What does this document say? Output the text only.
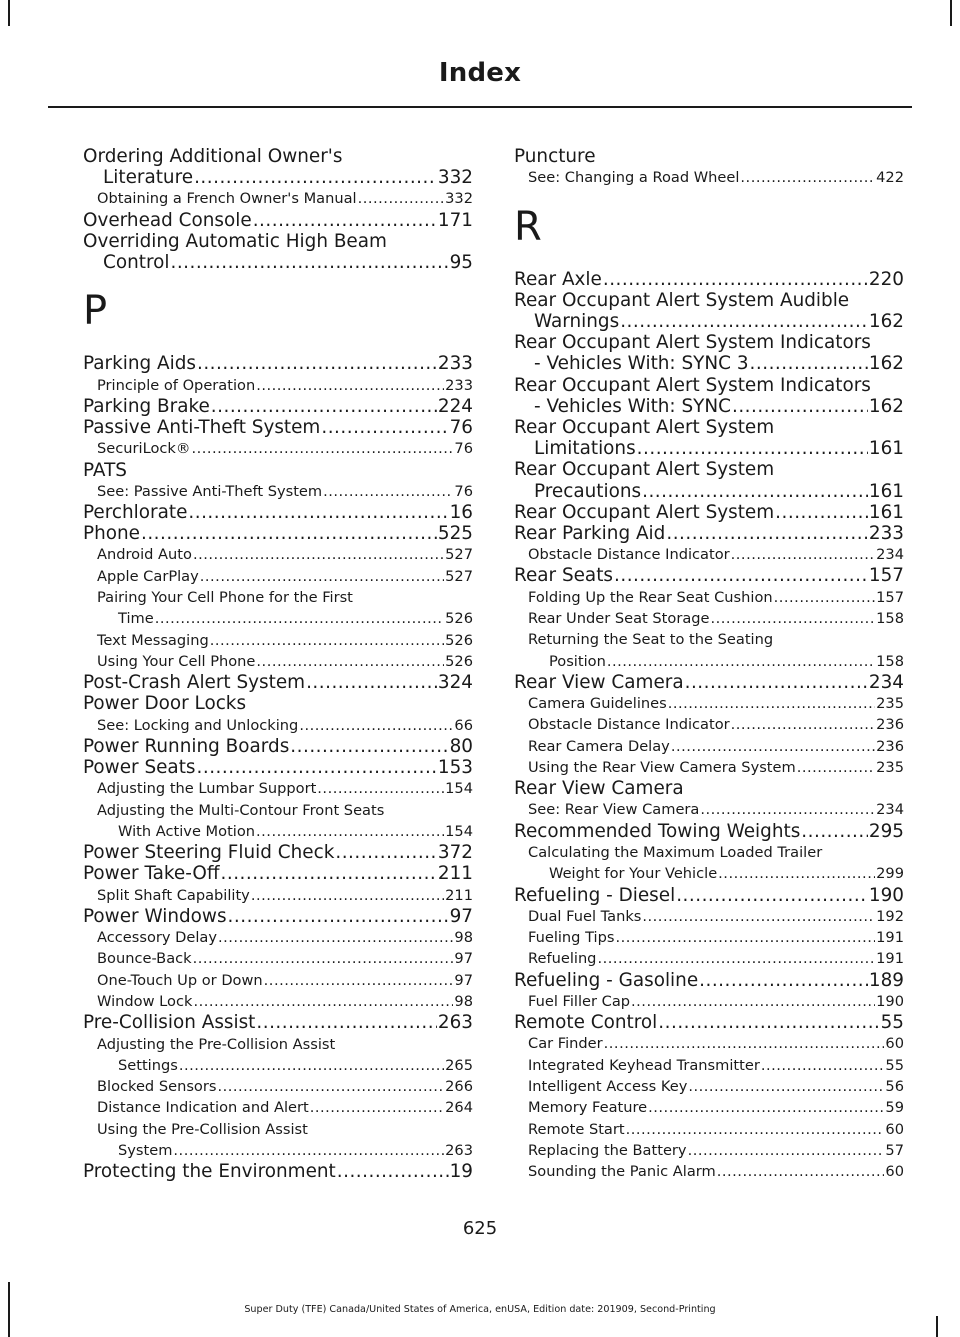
Index
Ordering Additional Owner's
Literature .....	332
Obtaining a French Owner's Manual .....	332
Overhead Console .....	171
Overriding Automatic High Beam
Control .....	95
P
Parking Aids .....	233
Principle of Operation .....	233
Parking Brake .....	224
Passive Anti-Theft System .....	76
SecuriLock® .....	76
PATS
See: Passive Anti-Theft System .....	76
Perchlorate .....	16
Phone .....	525
Android Auto .....	527
Apple CarPlay .....	527
Pairing Your Cell Phone for the First
Time .....	526
Text Messaging .....	526
Using Your Cell Phone .....	526
Post-Crash Alert System .....	324
Power Door Locks
See: Locking and Unlocking .....	66
Power Running Boards .....	80
Power Seats .....	153
Adjusting the Lumbar Support .....	154
Adjusting the Multi-Contour Front Seats
With Active Motion .....	154
Power Steering Fluid Check .....	372
Power Take-Off .....	211
Split Shaft Capability .....	211
Power Windows .....	97
Accessory Delay .....	98
Bounce-Back .....	97
One-Touch Up or Down .....	97
Window Lock .....	98
Pre-Collision Assist .....	263
Adjusting the Pre-Collision Assist
Settings .....	265
Blocked Sensors .....	266
Distance Indication and Alert .....	264
Using the Pre-Collision Assist
System .....	263
Protecting the Environment .....	19
Puncture
See: Changing a Road Wheel .....	422
R
Rear Axle .....	220
Rear Occupant Alert System Audible
Warnings .....	162
Rear Occupant Alert System Indicators
- Vehicles With: SYNC 3 .....	162
Rear Occupant Alert System Indicators
- Vehicles With: SYNC .....	162
Rear Occupant Alert System
Limitations .....	161
Rear Occupant Alert System
Precautions .....	161
Rear Occupant Alert System .....	161
Rear Parking Aid .....	233
Obstacle Distance Indicator .....	234
Rear Seats .....	157
Folding Up the Rear Seat Cushion .....	157
Rear Under Seat Storage .....	158
Returning the Seat to the Seating
Position .....	158
Rear View Camera .....	234
Camera Guidelines .....	235
Obstacle Distance Indicator .....	236
Rear Camera Delay .....	236
Using the Rear View Camera System .....	235
Rear View Camera
See: Rear View Camera .....	234
Recommended Towing Weights .....	295
Calculating the Maximum Loaded Trailer
Weight for Your Vehicle .....	299
Refueling - Diesel .....	190
Dual Fuel Tanks .....	192
Fueling Tips .....	191
Refueling .....	191
Refueling - Gasoline .....	189
Fuel Filler Cap .....	190
Remote Control .....	55
Car Finder .....	60
Integrated Keyhead Transmitter .....	55
Intelligent Access Key .....	56
Memory Feature .....	59
Remote Start .....	60
Replacing the Battery .....	57
Sounding the Panic Alarm .....	60
625
Super Duty (TFE) Canada/United States of America, enUSA, Edition date: 201909, Second-Printing
